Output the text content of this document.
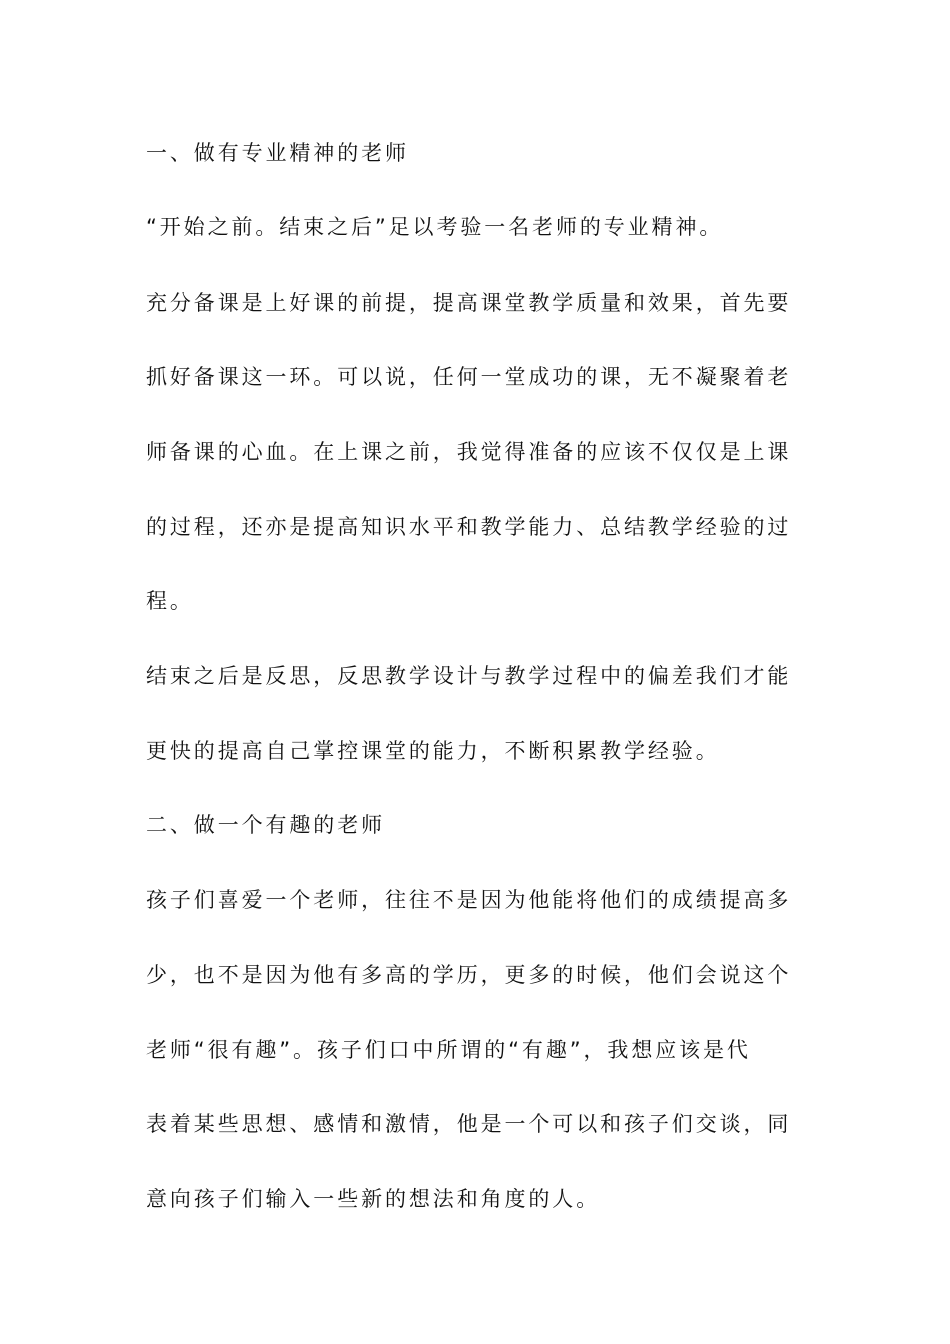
一、做有专业精神的老师
“开始之前。结束之后”足以考验一名老师的专业精神。
充分备课是上好课的前提，提高课堂教学质量和效果，首先要
抓好备课这一环。可以说，任何一堂成功的课，无不凝聚着老
师备课的心血。在上课之前，我觉得准备的应该不仅仅是上课
的过程，还亦是提高知识水平和教学能力、总结教学经验的过
程。
结束之后是反思，反思教学设计与教学过程中的偏差我们才能
更快的提高自己掌控课堂的能力，不断积累教学经验。
二、做一个有趣的老师
孩子们喜爱一个老师，往往不是因为他能将他们的成绩提高多
少，也不是因为他有多高的学历，更多的时候，他们会说这个
老师“很有趣”。孩子们口中所谓的“有趣”，我想应该是代
表着某些思想、感情和激情，他是一个可以和孩子们交谈，同
意向孩子们输入一些新的想法和角度的人。
